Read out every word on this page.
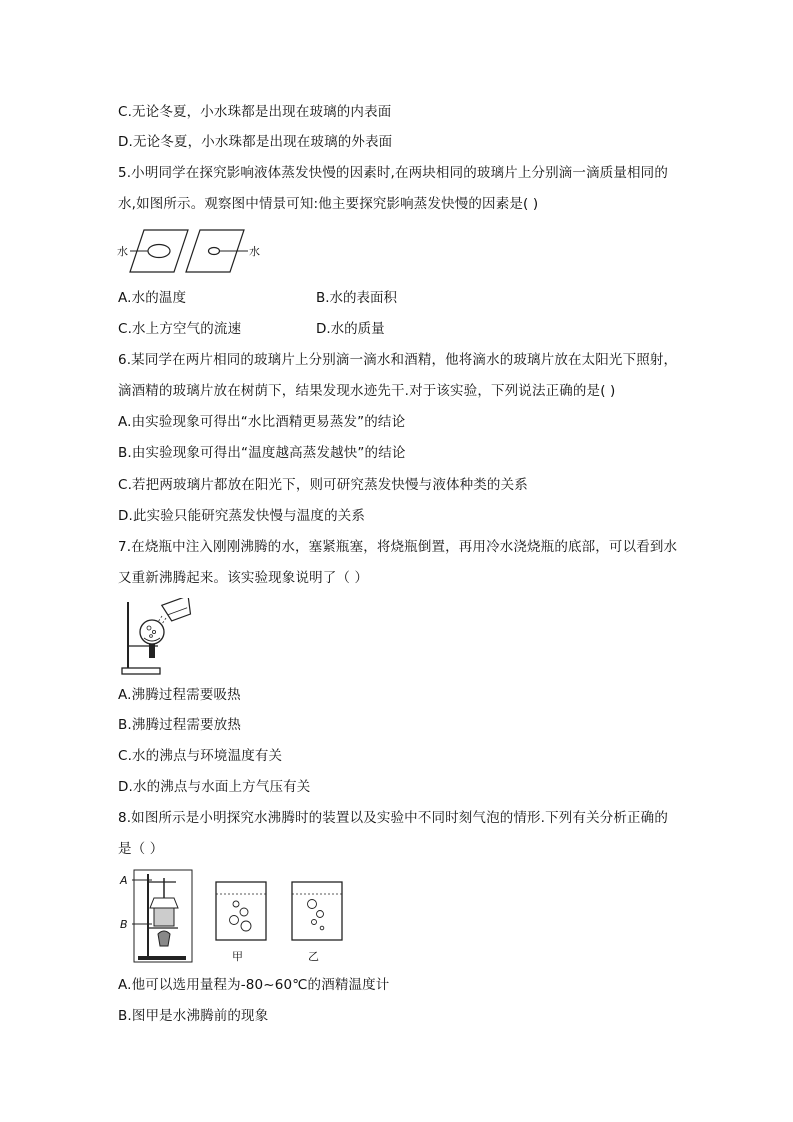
C.无论冬夏，小水珠都是出现在玻璃的内表面
D.无论冬夏，小水珠都是出现在玻璃的外表面
5.小明同学在探究影响液体蒸发快慢的因素时,在两块相同的玻璃片上分别滴一滴质量相同的
水,如图所示。观察图中情景可知:他主要探究影响蒸发快慢的因素是( )
水	水
A.水的温度	B.水的表面积
C.水上方空气的流速	D.水的质量
6.某同学在两片相同的玻璃片上分别滴一滴水和酒精，他将滴水的玻璃片放在太阳光下照射，
滴酒精的玻璃片放在树荫下，结果发现水迹先干.对于该实验，下列说法正确的是( )
A.由实验现象可得出“水比酒精更易蒸发”的结论
B.由实验现象可得出“温度越高蒸发越快”的结论
C.若把两玻璃片都放在阳光下，则可研究蒸发快慢与液体种类的关系
D.此实验只能研究蒸发快慢与温度的关系
7.在烧瓶中注入刚刚沸腾的水，塞紧瓶塞，将烧瓶倒置，再用冷水浇烧瓶的底部，可以看到水
又重新沸腾起来。该实验现象说明了（ ）
A.沸腾过程需要吸热
B.沸腾过程需要放热
C.水的沸点与环境温度有关
D.水的沸点与水面上方气压有关
8.如图所示是小明探究水沸腾时的装置以及实验中不同时刻气泡的情形.下列有关分析正确的
是（ ）
A
B
甲	乙
A.他可以选用量程为-80~60℃的酒精温度计
B.图甲是水沸腾前的现象
